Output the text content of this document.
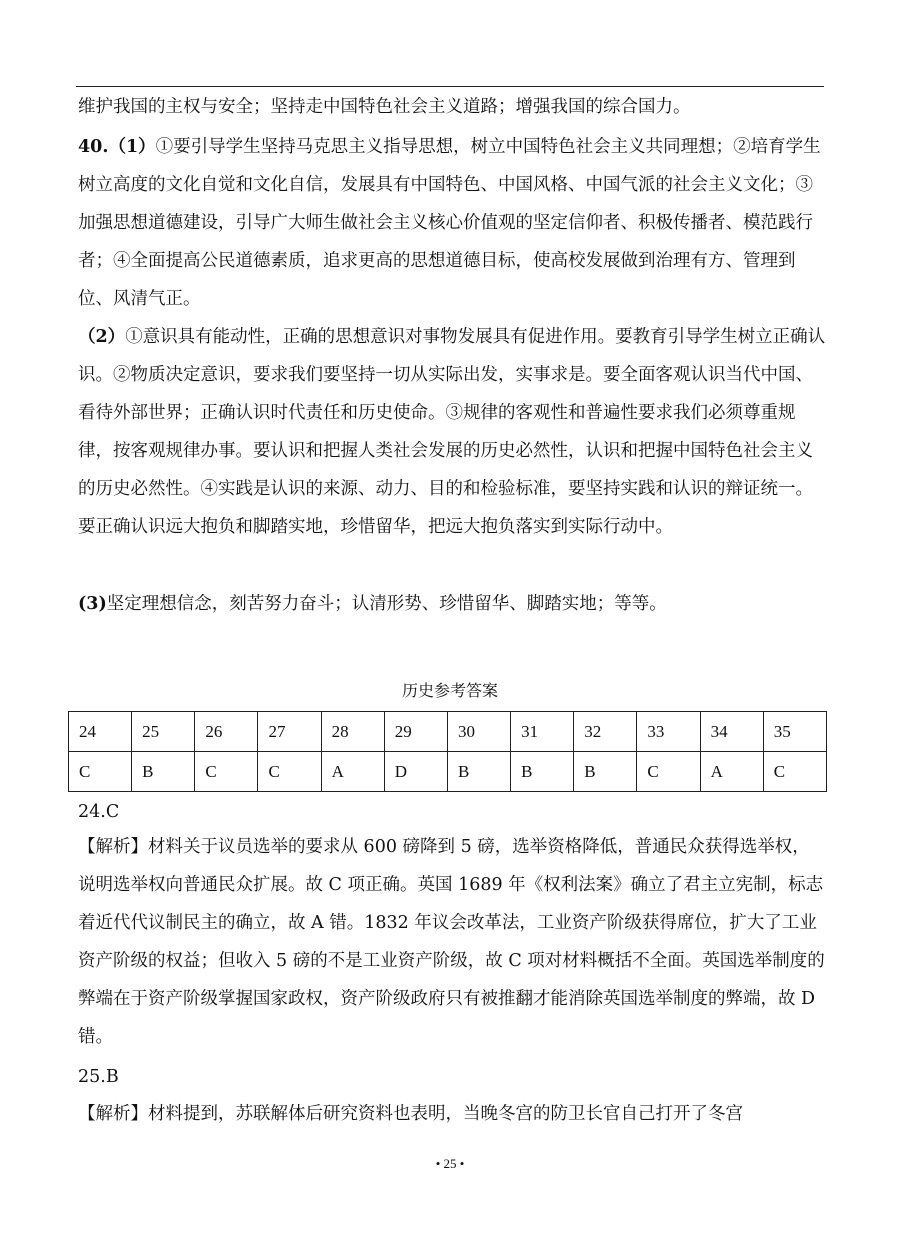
维护我国的主权与安全；坚持走中国特色社会主义道路；增强我国的综合国力。

40.（1）①要引导学生坚持马克思主义指导思想，树立中国特色社会主义共同理想；②培育学生树立高度的文化自觉和文化自信，发展具有中国特色、中国风格、中国气派的社会主义文化；③加强思想道德建设，引导广大师生做社会主义核心价值观的坚定信仰者、积极传播者、模范践行者；④全面提高公民道德素质，追求更高的思想道德目标，使高校发展做到治理有方、管理到位、风清气正。

（2）①意识具有能动性，正确的思想意识对事物发展具有促进作用。要教育引导学生树立正确认识。②物质决定意识，要求我们要坚持一切从实际出发，实事求是。要全面客观认识当代中国、看待外部世界；正确认识时代责任和历史使命。③规律的客观性和普遍性要求我们必须尊重规律，按客观规律办事。要认识和把握人类社会发展的历史必然性，认识和把握中国特色社会主义的历史必然性。④实践是认识的来源、动力、目的和检验标准，要坚持实践和认识的辩证统一。要正确认识远大抱负和脚踏实地，珍惜留华，把远大抱负落实到实际行动中。

(3)坚定理想信念，刻苦努力奋斗；认清形势、珍惜留华、脚踏实地；等等。

历史参考答案

24	25	26	27	28	29	30	31	32	33	34	35
C	B	C	C	A	D	B	B	B	C	A	C

24.C

【解析】材料关于议员选举的要求从 600 磅降到 5 磅，选举资格降低，普通民众获得选举权，说明选举权向普通民众扩展。故 C 项正确。英国 1689 年《权利法案》确立了君主立宪制，标志着近代代议制民主的确立，故 A 错。1832 年议会改革法，工业资产阶级获得席位，扩大了工业资产阶级的权益；但收入 5 磅的不是工业资产阶级，故 C 项对材料概括不全面。英国选举制度的弊端在于资产阶级掌握国家政权，资产阶级政府只有被推翻才能消除英国选举制度的弊端，故 D 错。

25.B

【解析】材料提到，苏联解体后研究资料也表明，当晚冬宫的防卫长官自己打开了冬宫

• 25 •
